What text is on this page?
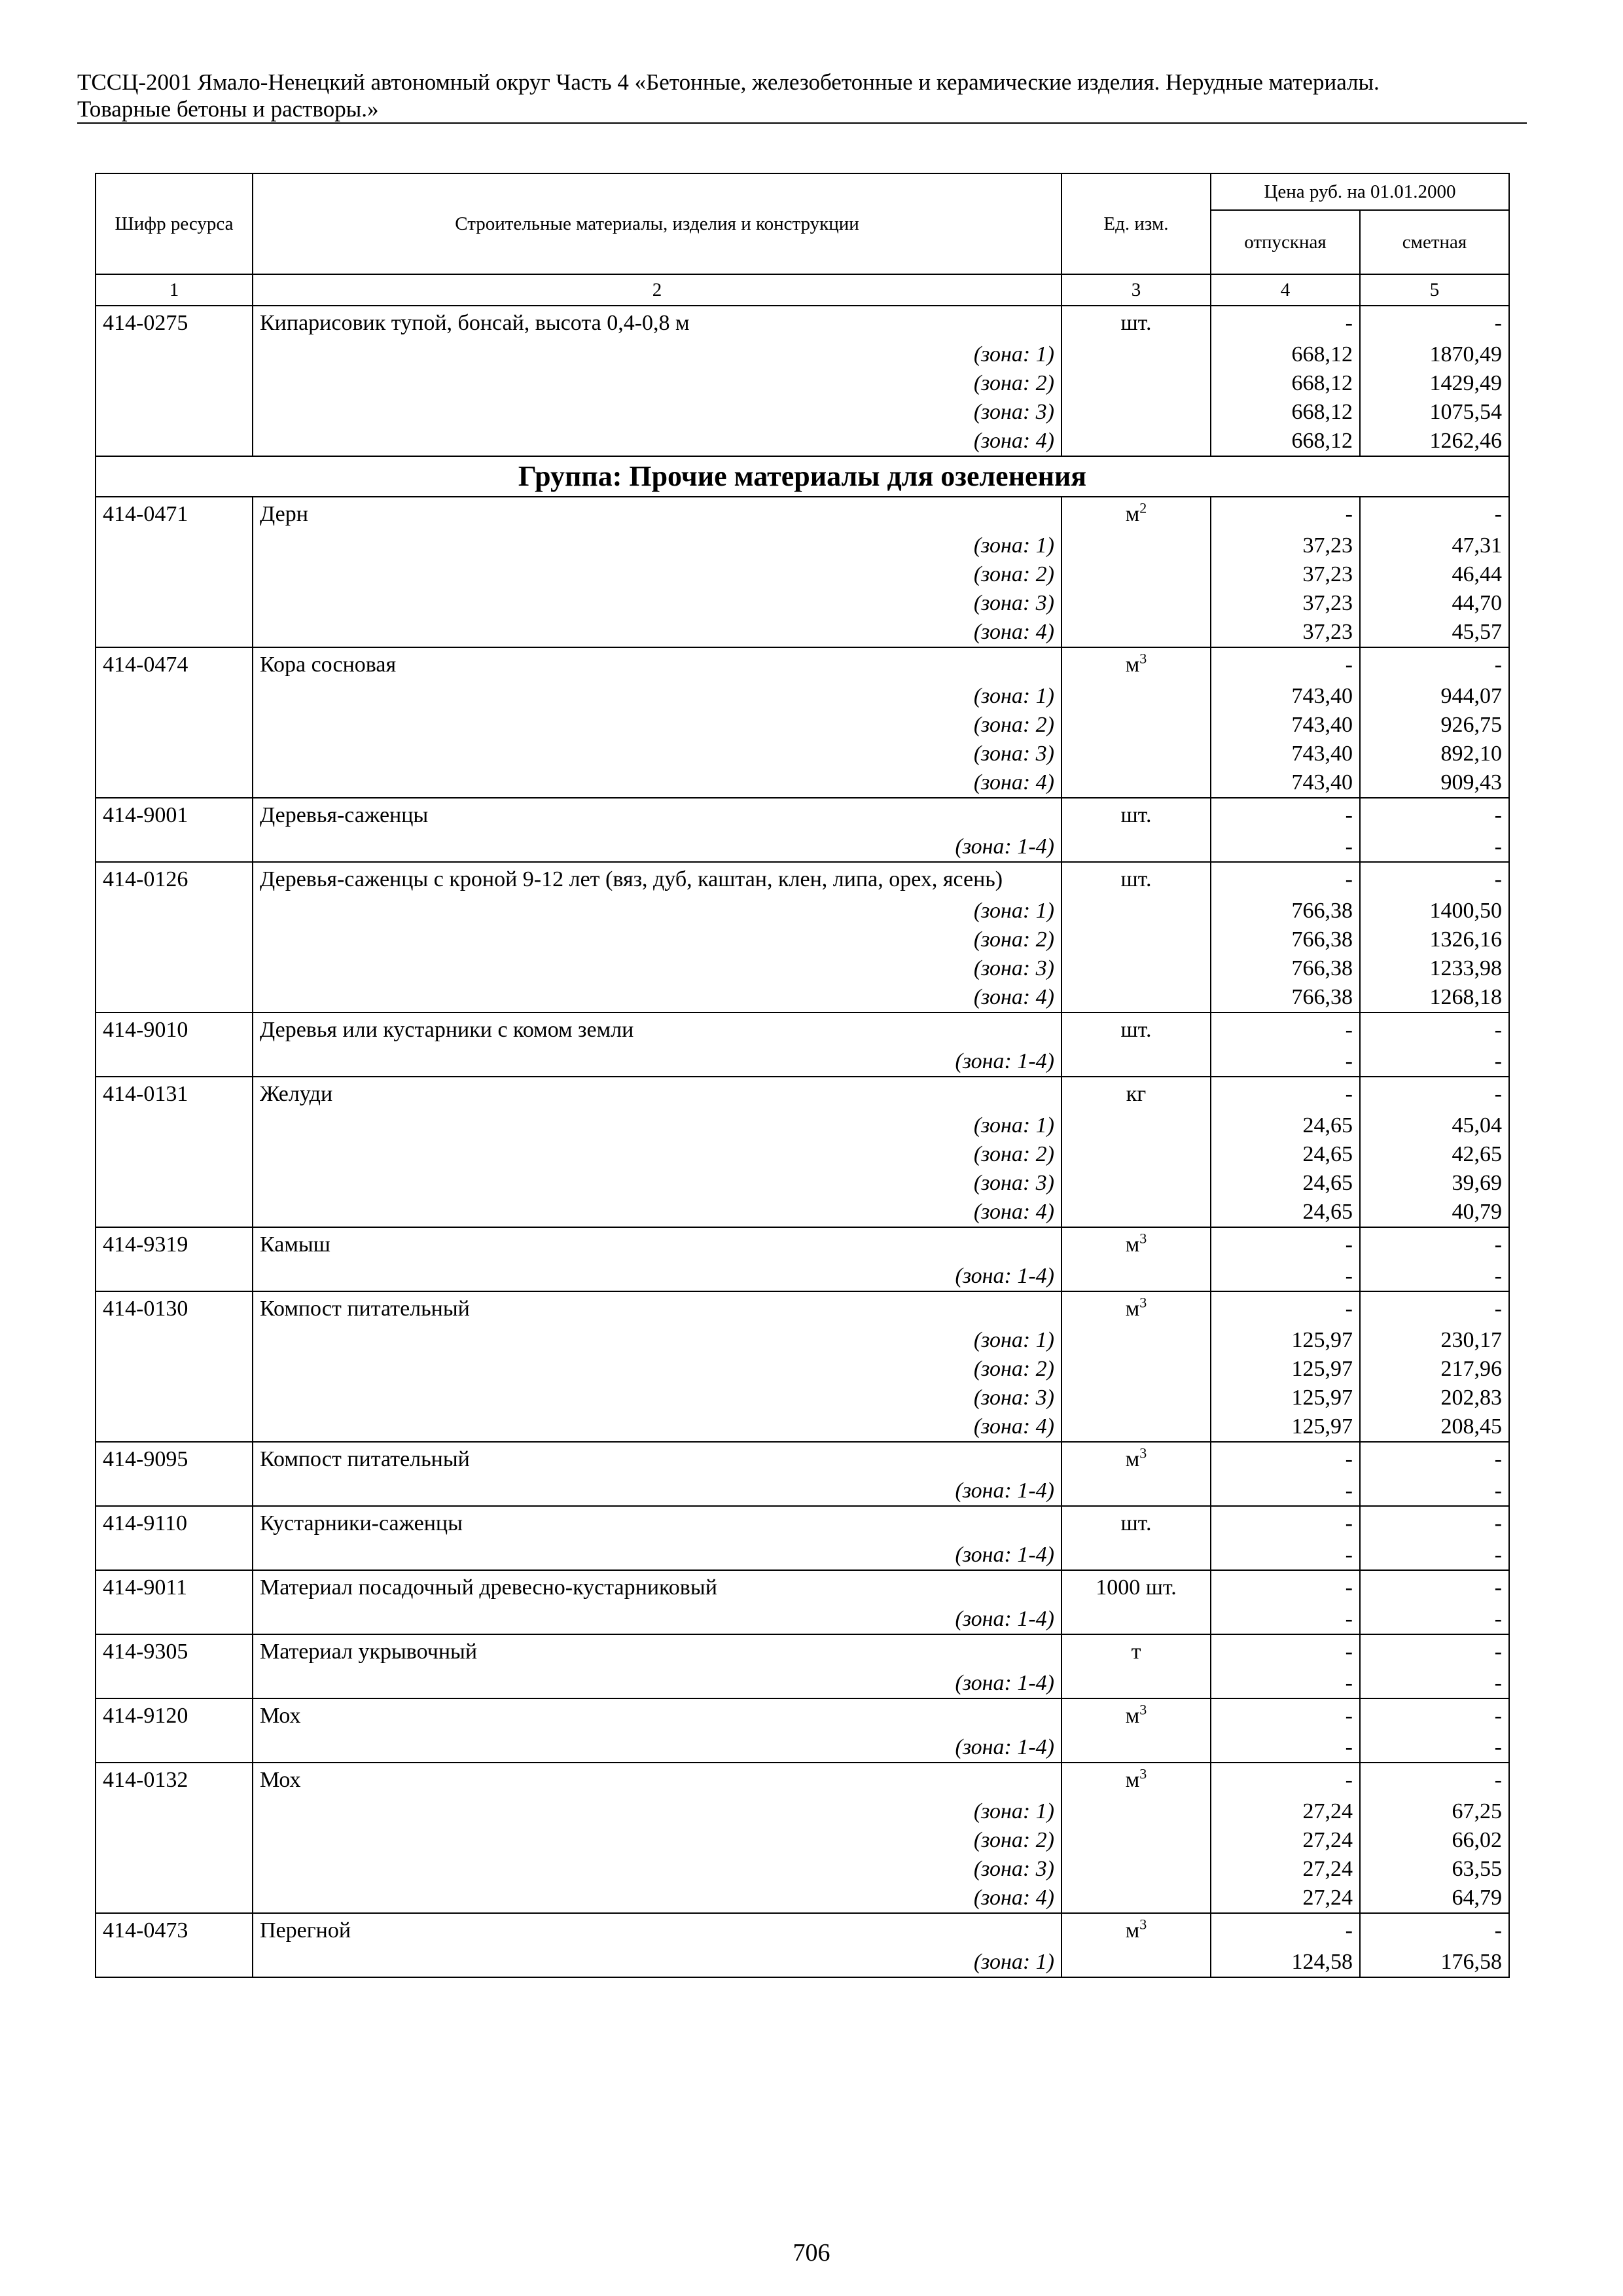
ТССЦ-2001 Ямало-Ненецкий автономный округ Часть 4 «Бетонные, железобетонные и керамические изделия. Нерудные материалы.
Товарные бетоны и растворы.»
Шифр ресурса	Строительные материалы, изделия и конструкции	Ед. изм.	Цена руб. на 01.01.2000	
			отпускная	сметная
1	2	3	4	5
414-0275	Кипарисовик тупой, бонсай, высота 0,4-0,8 м	шт.	-	-
	(зона: 1)		668,12	1870,49
	(зона: 2)		668,12	1429,49
	(зона: 3)		668,12	1075,54
	(зона: 4)		668,12	1262,46
Группа: Прочие материалы для озеленения				
414-0471	Дерн	$м^2$	-	-
	(зона: 1)		37,23	47,31
	(зона: 2)		37,23	46,44
	(зона: 3)		37,23	44,70
	(зона: 4)		37,23	45,57
414-0474	Кора сосновая	$м^3$	-	-
	(зона: 1)		743,40	944,07
	(зона: 2)		743,40	926,75
	(зона: 3)		743,40	892,10
	(зона: 4)		743,40	909,43
414-9001	Деревья-саженцы	шт.	-	-
	(зона: 1-4)		-	-
414-0126	Деревья-саженцы с кроной 9-12 лет (вяз, дуб, каштан, клен, липа, орех, ясень)	шт.	-	-
	(зона: 1)		766,38	1400,50
	(зона: 2)		766,38	1326,16
	(зона: 3)		766,38	1233,98
	(зона: 4)		766,38	1268,18
414-9010	Деревья или кустарники с комом земли	шт.	-	-
	(зона: 1-4)		-	-
414-0131	Желуди	кг	-	-
	(зона: 1)		24,65	45,04
	(зона: 2)		24,65	42,65
	(зона: 3)		24,65	39,69
	(зона: 4)		24,65	40,79
414-9319	Камыш	$м^3$	-	-
	(зона: 1-4)		-	-
414-0130	Компост питательный	$м^3$	-	-
	(зона: 1)		125,97	230,17
	(зона: 2)		125,97	217,96
	(зона: 3)		125,97	202,83
	(зона: 4)		125,97	208,45
414-9095	Компост питательный	$м^3$	-	-
	(зона: 1-4)		-	-
414-9110	Кустарники-саженцы	шт.	-	-
	(зона: 1-4)		-	-
414-9011	Материал посадочный древесно-кустарниковый	1000 шт.	-	-
	(зона: 1-4)		-	-
414-9305	Материал укрывочный	т	-	-
	(зона: 1-4)		-	-
414-9120	Мох	$м^3$	-	-
	(зона: 1-4)		-	-
414-0132	Мох	$м^3$	-	-
	(зона: 1)		27,24	67,25
	(зона: 2)		27,24	66,02
	(зона: 3)		27,24	63,55
	(зона: 4)		27,24	64,79
414-0473	Перегной	$м^3$	-	-
	(зона: 1)		124,58	176,58
706
